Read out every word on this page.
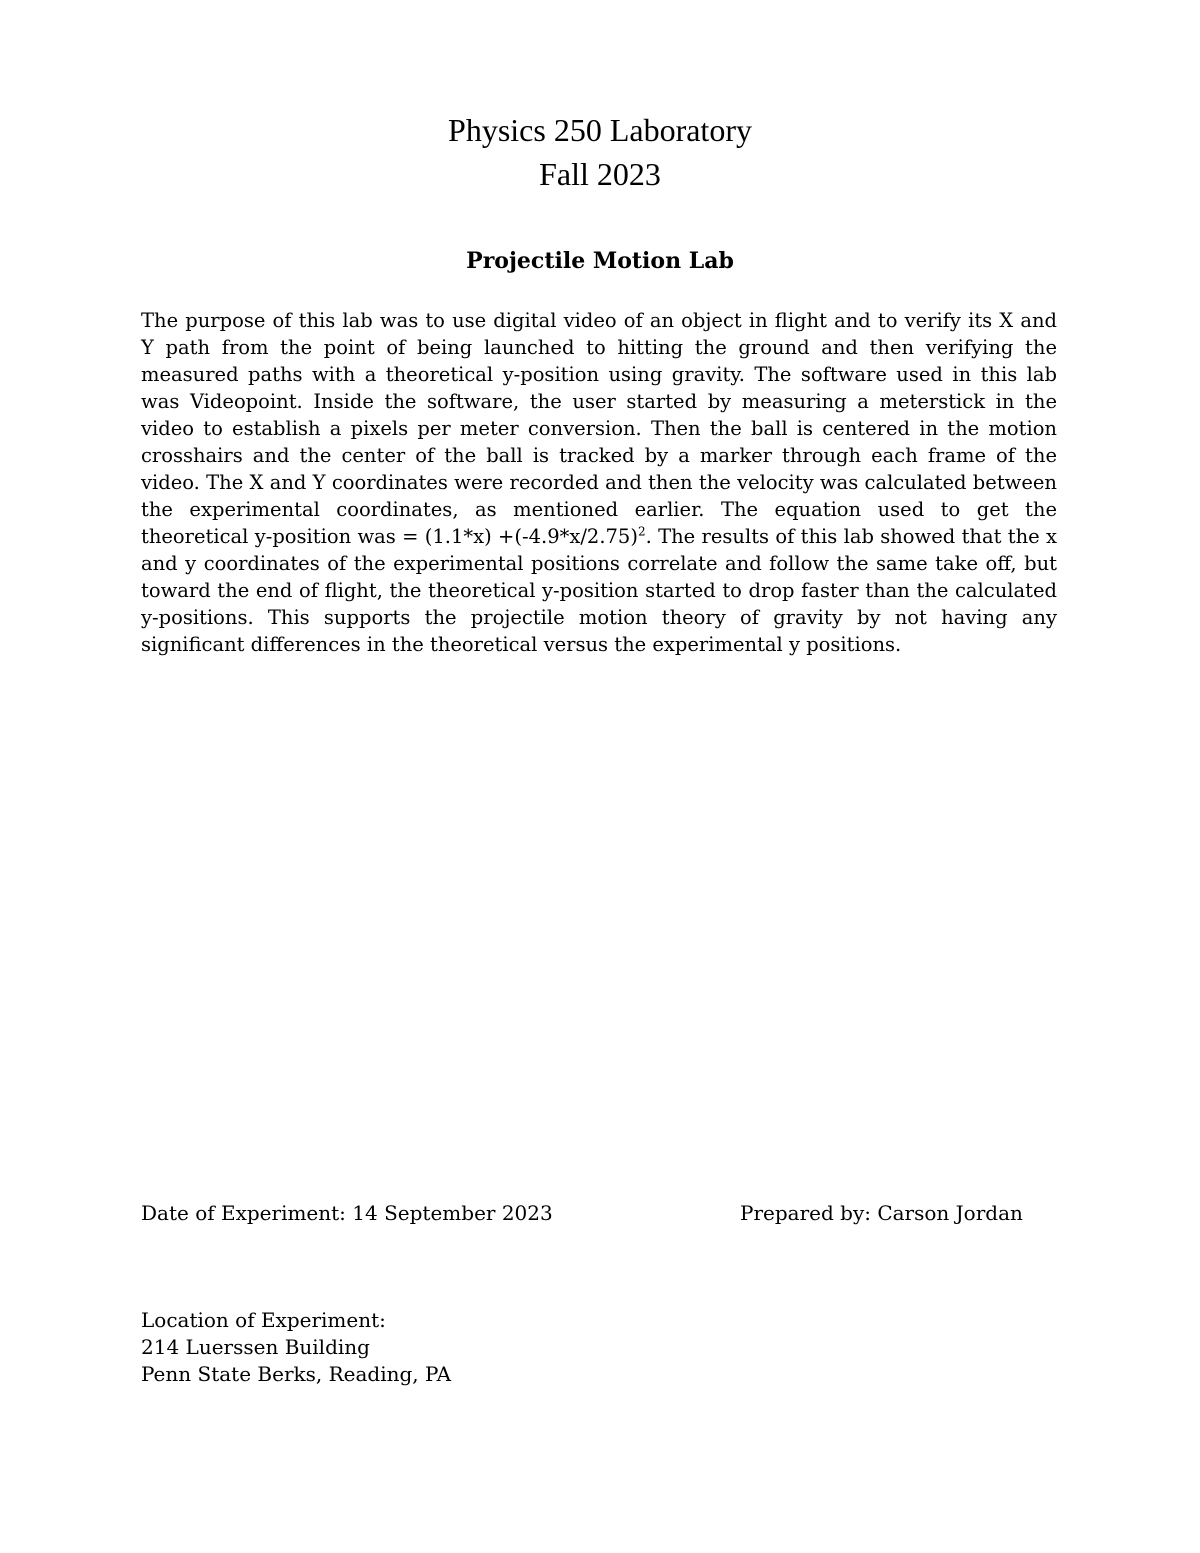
Physics 250 Laboratory
Fall 2023
Projectile Motion Lab

The purpose of this lab was to use digital video of an object in flight and to verify its X and Y path from the point of being launched to hitting the ground and then verifying the measured paths with a theoretical y-position using gravity. The software used in this lab was Videopoint. Inside the software, the user started by measuring a meterstick in the video to establish a pixels per meter conversion. Then the ball is centered in the motion crosshairs and the center of the ball is tracked by a marker through each frame of the video. The X and Y coordinates were recorded and then the velocity was calculated between the experimental coordinates, as mentioned earlier. The equation used to get the theoretical y-position was = $(1.1*x) +(-4.9*x/2.75)^2$. The results of this lab showed that the x and y coordinates of the experimental positions correlate and follow the same take off, but toward the end of flight, the theoretical y-position started to drop faster than the calculated y-positions. This supports the projectile motion theory of gravity by not having any significant differences in the theoretical versus the experimental y positions.

Date of Experiment: 14 September 2023	Prepared by: Carson Jordan
Location of Experiment:
214 Luerssen Building
Penn State Berks, Reading, PA
